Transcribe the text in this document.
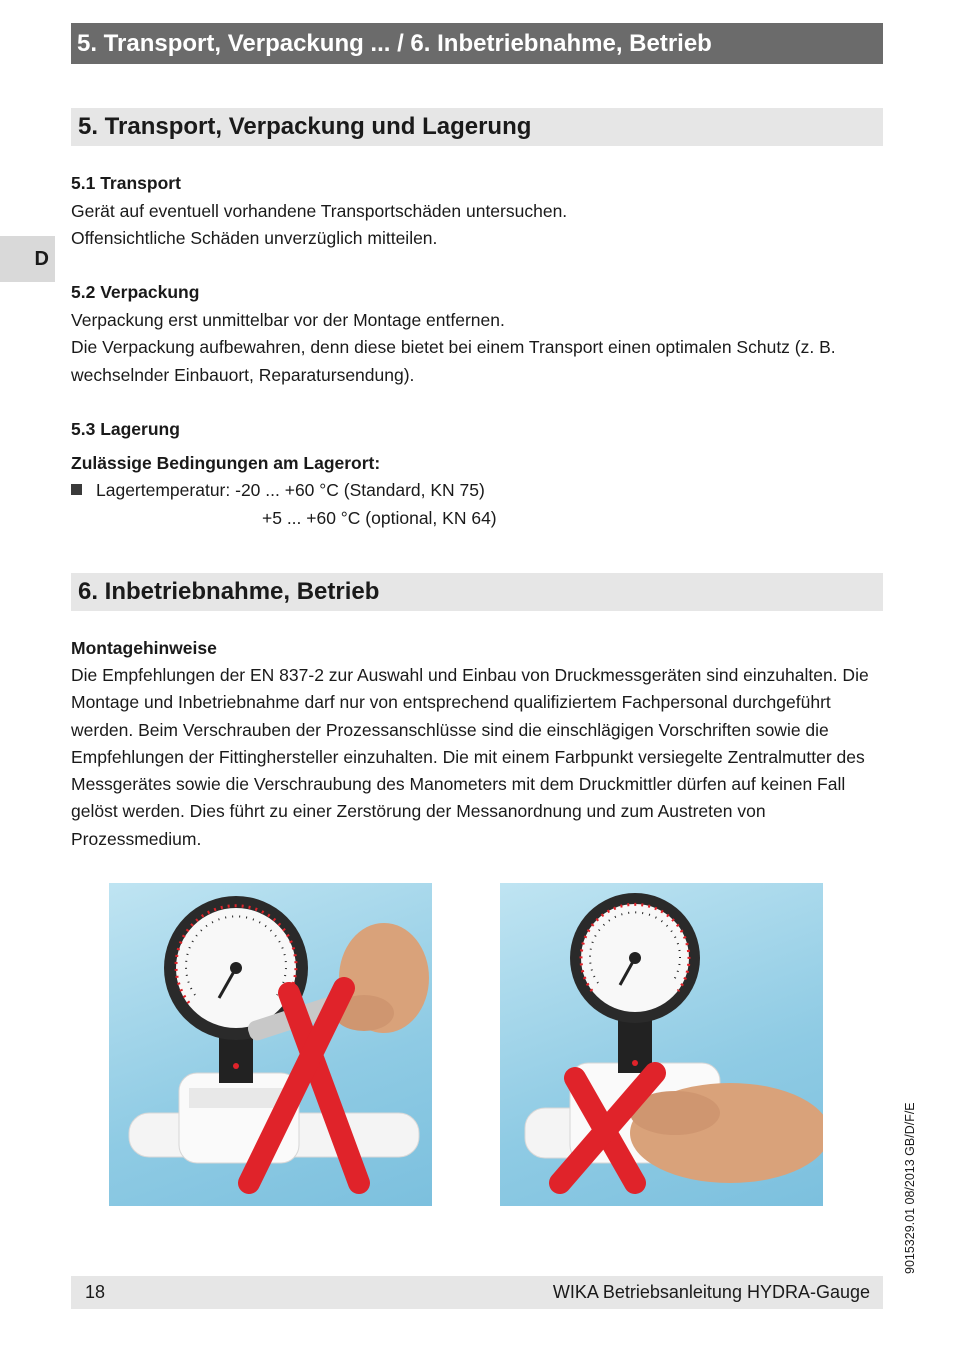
5. Transport, Verpackung ... / 6. Inbetriebnahme, Betrieb
D
5. Transport, Verpackung und Lagerung
5.1 Transport

Gerät auf eventuell vorhandene Transportschäden untersuchen.

Offensichtliche Schäden unverzüglich mitteilen.

5.2 Verpackung

Verpackung erst unmittelbar vor der Montage entfernen.

Die Verpackung aufbewahren, denn diese bietet bei einem Transport einen optimalen Schutz (z. B. wechselnder Einbauort, Reparatursendung).

5.3 Lagerung
Zulässige Bedingungen am Lagerort:
Lagertemperatur: -20 ... +60 °C (Standard, KN 75)
+5 ... +60 °C (optional, KN 64)
6. Inbetriebnahme, Betrieb
Montagehinweise

Die Empfehlungen der EN 837-2 zur Auswahl und Einbau von Druckmessgeräten sind einzuhalten. Die Montage und Inbetriebnahme darf nur von entsprechend qualifiziertem Fachpersonal durchgeführt werden. Beim Verschrauben der Prozessanschlüsse sind die einschlägigen Vorschriften sowie die Empfehlungen der Fittinghersteller einzuhalten. Die mit einem Farbpunkt versiegelte Zentralmutter des Messgerätes sowie die Verschraubung des Manometers mit dem Druckmittler dürfen auf keinen Fall gelöst werden. Dies führt zu einer Zerstörung der Messanordnung und zum Austreten von Prozessmedium.

9015329.01 08/2013 GB/D/F/E
18	WIKA Betriebsanleitung HYDRA-Gauge
